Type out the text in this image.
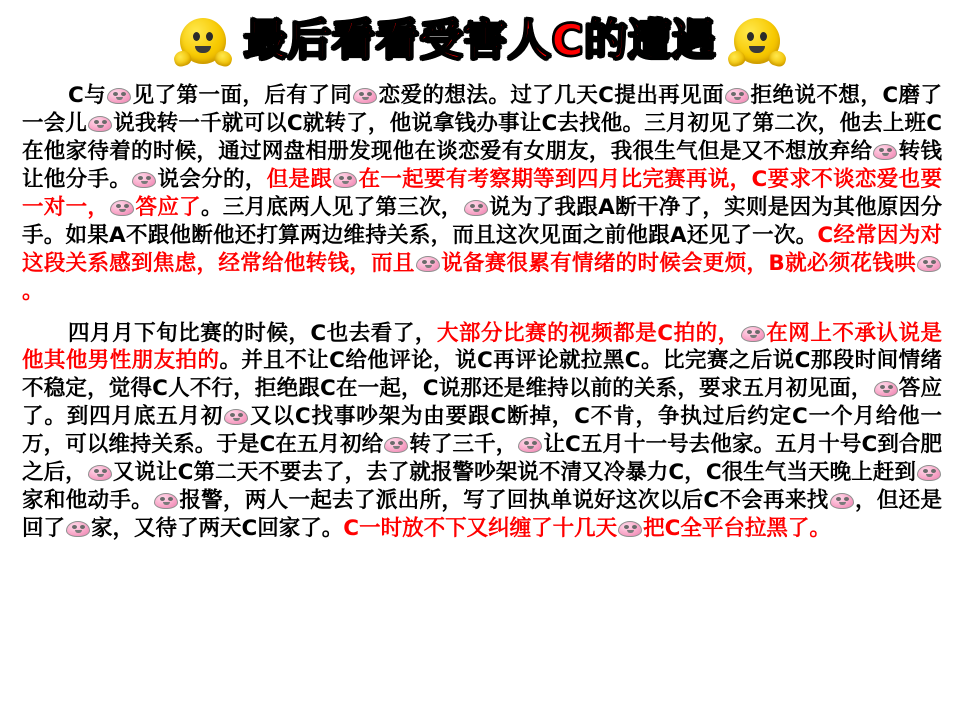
最后看看受害人C的遭遇

C与 见了第一面，后有了同 恋爱的想法。过了几天C提出再见面 拒绝说不想，C磨了一会儿 说我转一千就可以C就转了，他说拿钱办事让C去找他。三月初见了第二次，他去上班C在他家待着的时候，通过网盘相册发现他在谈恋爱有女朋友，我很生气但是又不想放弃给 转钱让他分手。 说会分的，但是跟 在一起要有考察期等到四月比完赛再说，C要求不谈恋爱也要一对一， 答应了。三月底两人见了第三次， 说为了我跟A断干净了，实则是因为其他原因分手。如果A不跟他断他还打算两边维持关系，而且这次见面之前他跟A还见了一次。C经常因为对这段关系感到焦虑，经常给他转钱，而且 说备赛很累有情绪的时候会更烦，B就必须花钱哄
。

四月月下旬比赛的时候，C也去看了，大部分比赛的视频都是C拍的， 在网上不承认说是他其他男性朋友拍的。并且不让C给他评论，说C再评论就拉黑C。比完赛之后说C那段时间情绪不稳定，觉得C人不行，拒绝跟C在一起，C说那还是维持以前的关系，要求五月初见面， 答应了。到四月底五月初 又以C找事吵架为由要跟C断掉，C不肯，争执过后约定C一个月给他一万，可以维持关系。于是C在五月初给 转了三千， 让C五月十一号去他家。五月十号C到合肥之后， 又说让C第二天不要去了，去了就报警吵架说不清又冷暴力C，C很生气当天晚上赶到
家和他动手。 报警，两人一起去了派出所，写了回执单说好这次以后C不会再来找 ，但还是回了 家，又待了两天C回家了。C一时放不下又纠缠了十几天 把C全平台拉黑了。
